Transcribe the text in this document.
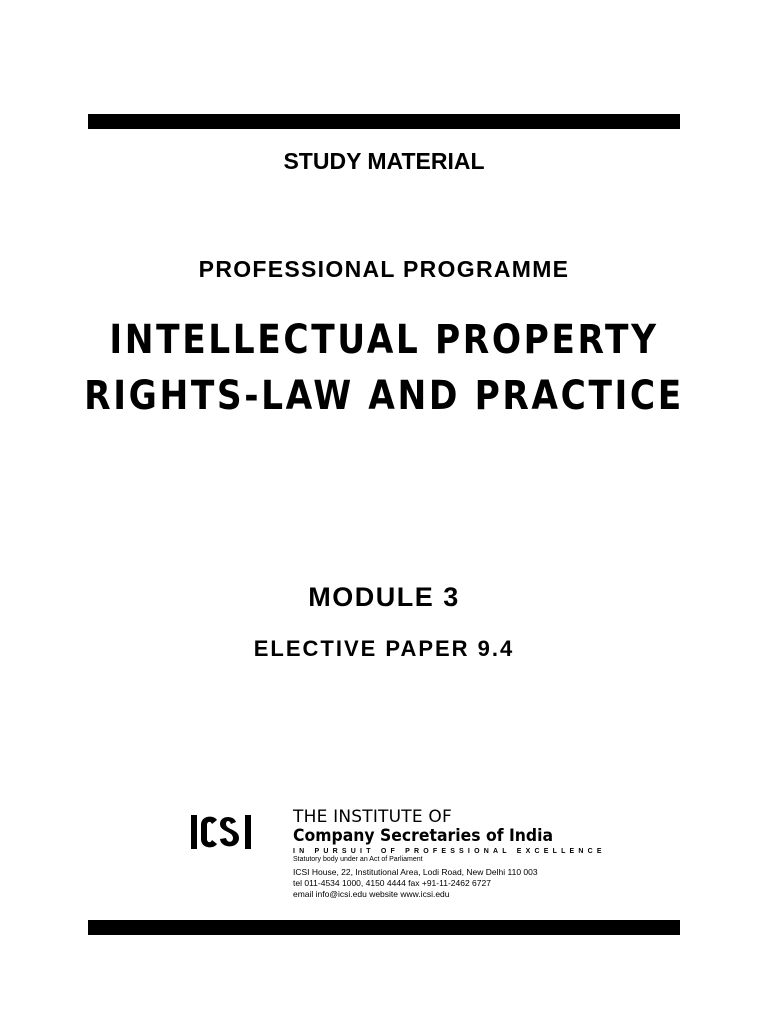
STUDY MATERIAL
PROFESSIONAL PROGRAMME
INTELLECTUAL PROPERTY
RIGHTS-LAW AND PRACTICE
MODULE 3
ELECTIVE PAPER 9.4
THE INSTITUTE OF
Company Secretaries of India
IN PURSUIT OF PROFESSIONAL EXCELLENCE
Statutory body under an Act of Parliament
ICSI House, 22, Institutional Area, Lodi Road, New Delhi 110 003
tel 011-4534 1000, 4150 4444 fax +91-11-2462 6727
email info@icsi.edu website www.icsi.edu
